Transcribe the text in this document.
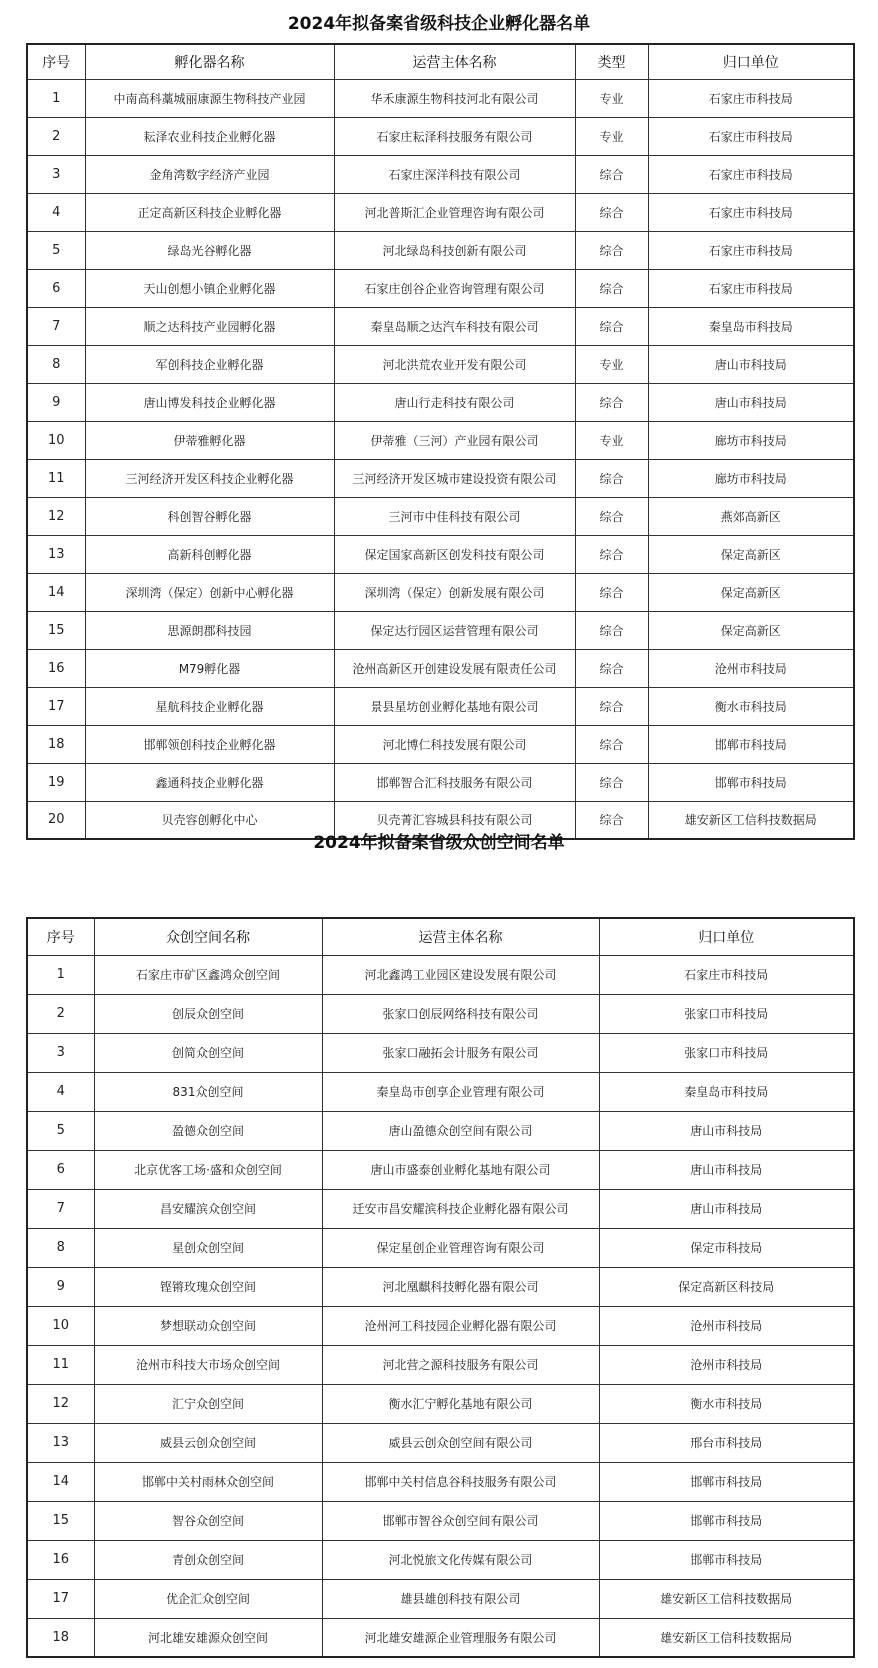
2024年拟备案省级科技企业孵化器名单
序号	孵化器名称	运营主体名称	类型	归口单位
1	中南高科藁城丽康源生物科技产业园	华禾康源生物科技河北有限公司	专业	石家庄市科技局
2	耘泽农业科技企业孵化器	石家庄耘泽科技服务有限公司	专业	石家庄市科技局
3	金角湾数字经济产业园	石家庄深洋科技有限公司	综合	石家庄市科技局
4	正定高新区科技企业孵化器	河北普斯汇企业管理咨询有限公司	综合	石家庄市科技局
5	绿岛光谷孵化器	河北绿岛科技创新有限公司	综合	石家庄市科技局
6	天山创想小镇企业孵化器	石家庄创谷企业咨询管理有限公司	综合	石家庄市科技局
7	顺之达科技产业园孵化器	秦皇岛顺之达汽车科技有限公司	综合	秦皇岛市科技局
8	军创科技企业孵化器	河北洪荒农业开发有限公司	专业	唐山市科技局
9	唐山博发科技企业孵化器	唐山行走科技有限公司	综合	唐山市科技局
10	伊蒂雅孵化器	伊蒂雅（三河）产业园有限公司	专业	廊坊市科技局
11	三河经济开发区科技企业孵化器	三河经济开发区城市建设投资有限公司	综合	廊坊市科技局
12	科创智谷孵化器	三河市中佳科技有限公司	综合	燕郊高新区
13	高新科创孵化器	保定国家高新区创发科技有限公司	综合	保定高新区
14	深圳湾（保定）创新中心孵化器	深圳湾（保定）创新发展有限公司	综合	保定高新区
15	思源朗郡科技园	保定达行园区运营管理有限公司	综合	保定高新区
16	M79孵化器	沧州高新区开创建设发展有限责任公司	综合	沧州市科技局
17	星航科技企业孵化器	景县星坊创业孵化基地有限公司	综合	衡水市科技局
18	邯郸领创科技企业孵化器	河北博仁科技发展有限公司	综合	邯郸市科技局
19	鑫通科技企业孵化器	邯郸智合汇科技服务有限公司	综合	邯郸市科技局
20	贝壳容创孵化中心	贝壳菁汇容城县科技有限公司	综合	雄安新区工信科技数据局
2024年拟备案省级众创空间名单
序号	众创空间名称	运营主体名称	归口单位
1	石家庄市矿区鑫鸿众创空间	河北鑫鸿工业园区建设发展有限公司	石家庄市科技局
2	创辰众创空间	张家口创辰网络科技有限公司	张家口市科技局
3	创简众创空间	张家口融拓会计服务有限公司	张家口市科技局
4	831众创空间	秦皇岛市创享企业管理有限公司	秦皇岛市科技局
5	盈德众创空间	唐山盈德众创空间有限公司	唐山市科技局
6	北京优客工场·盛和众创空间	唐山市盛泰创业孵化基地有限公司	唐山市科技局
7	昌安耀滨众创空间	迁安市昌安耀滨科技企业孵化器有限公司	唐山市科技局
8	星创众创空间	保定星创企业管理咨询有限公司	保定市科技局
9	铿锵玫瑰众创空间	河北凰麒科技孵化器有限公司	保定高新区科技局
10	梦想联动众创空间	沧州河工科技园企业孵化器有限公司	沧州市科技局
11	沧州市科技大市场众创空间	河北营之源科技服务有限公司	沧州市科技局
12	汇宁众创空间	衡水汇宁孵化基地有限公司	衡水市科技局
13	威县云创众创空间	威县云创众创空间有限公司	邢台市科技局
14	邯郸中关村雨林众创空间	邯郸中关村信息谷科技服务有限公司	邯郸市科技局
15	智谷众创空间	邯郸市智谷众创空间有限公司	邯郸市科技局
16	青创众创空间	河北悦旅文化传媒有限公司	邯郸市科技局
17	优企汇众创空间	雄县雄创科技有限公司	雄安新区工信科技数据局
18	河北雄安雄源众创空间	河北雄安雄源企业管理服务有限公司	雄安新区工信科技数据局
